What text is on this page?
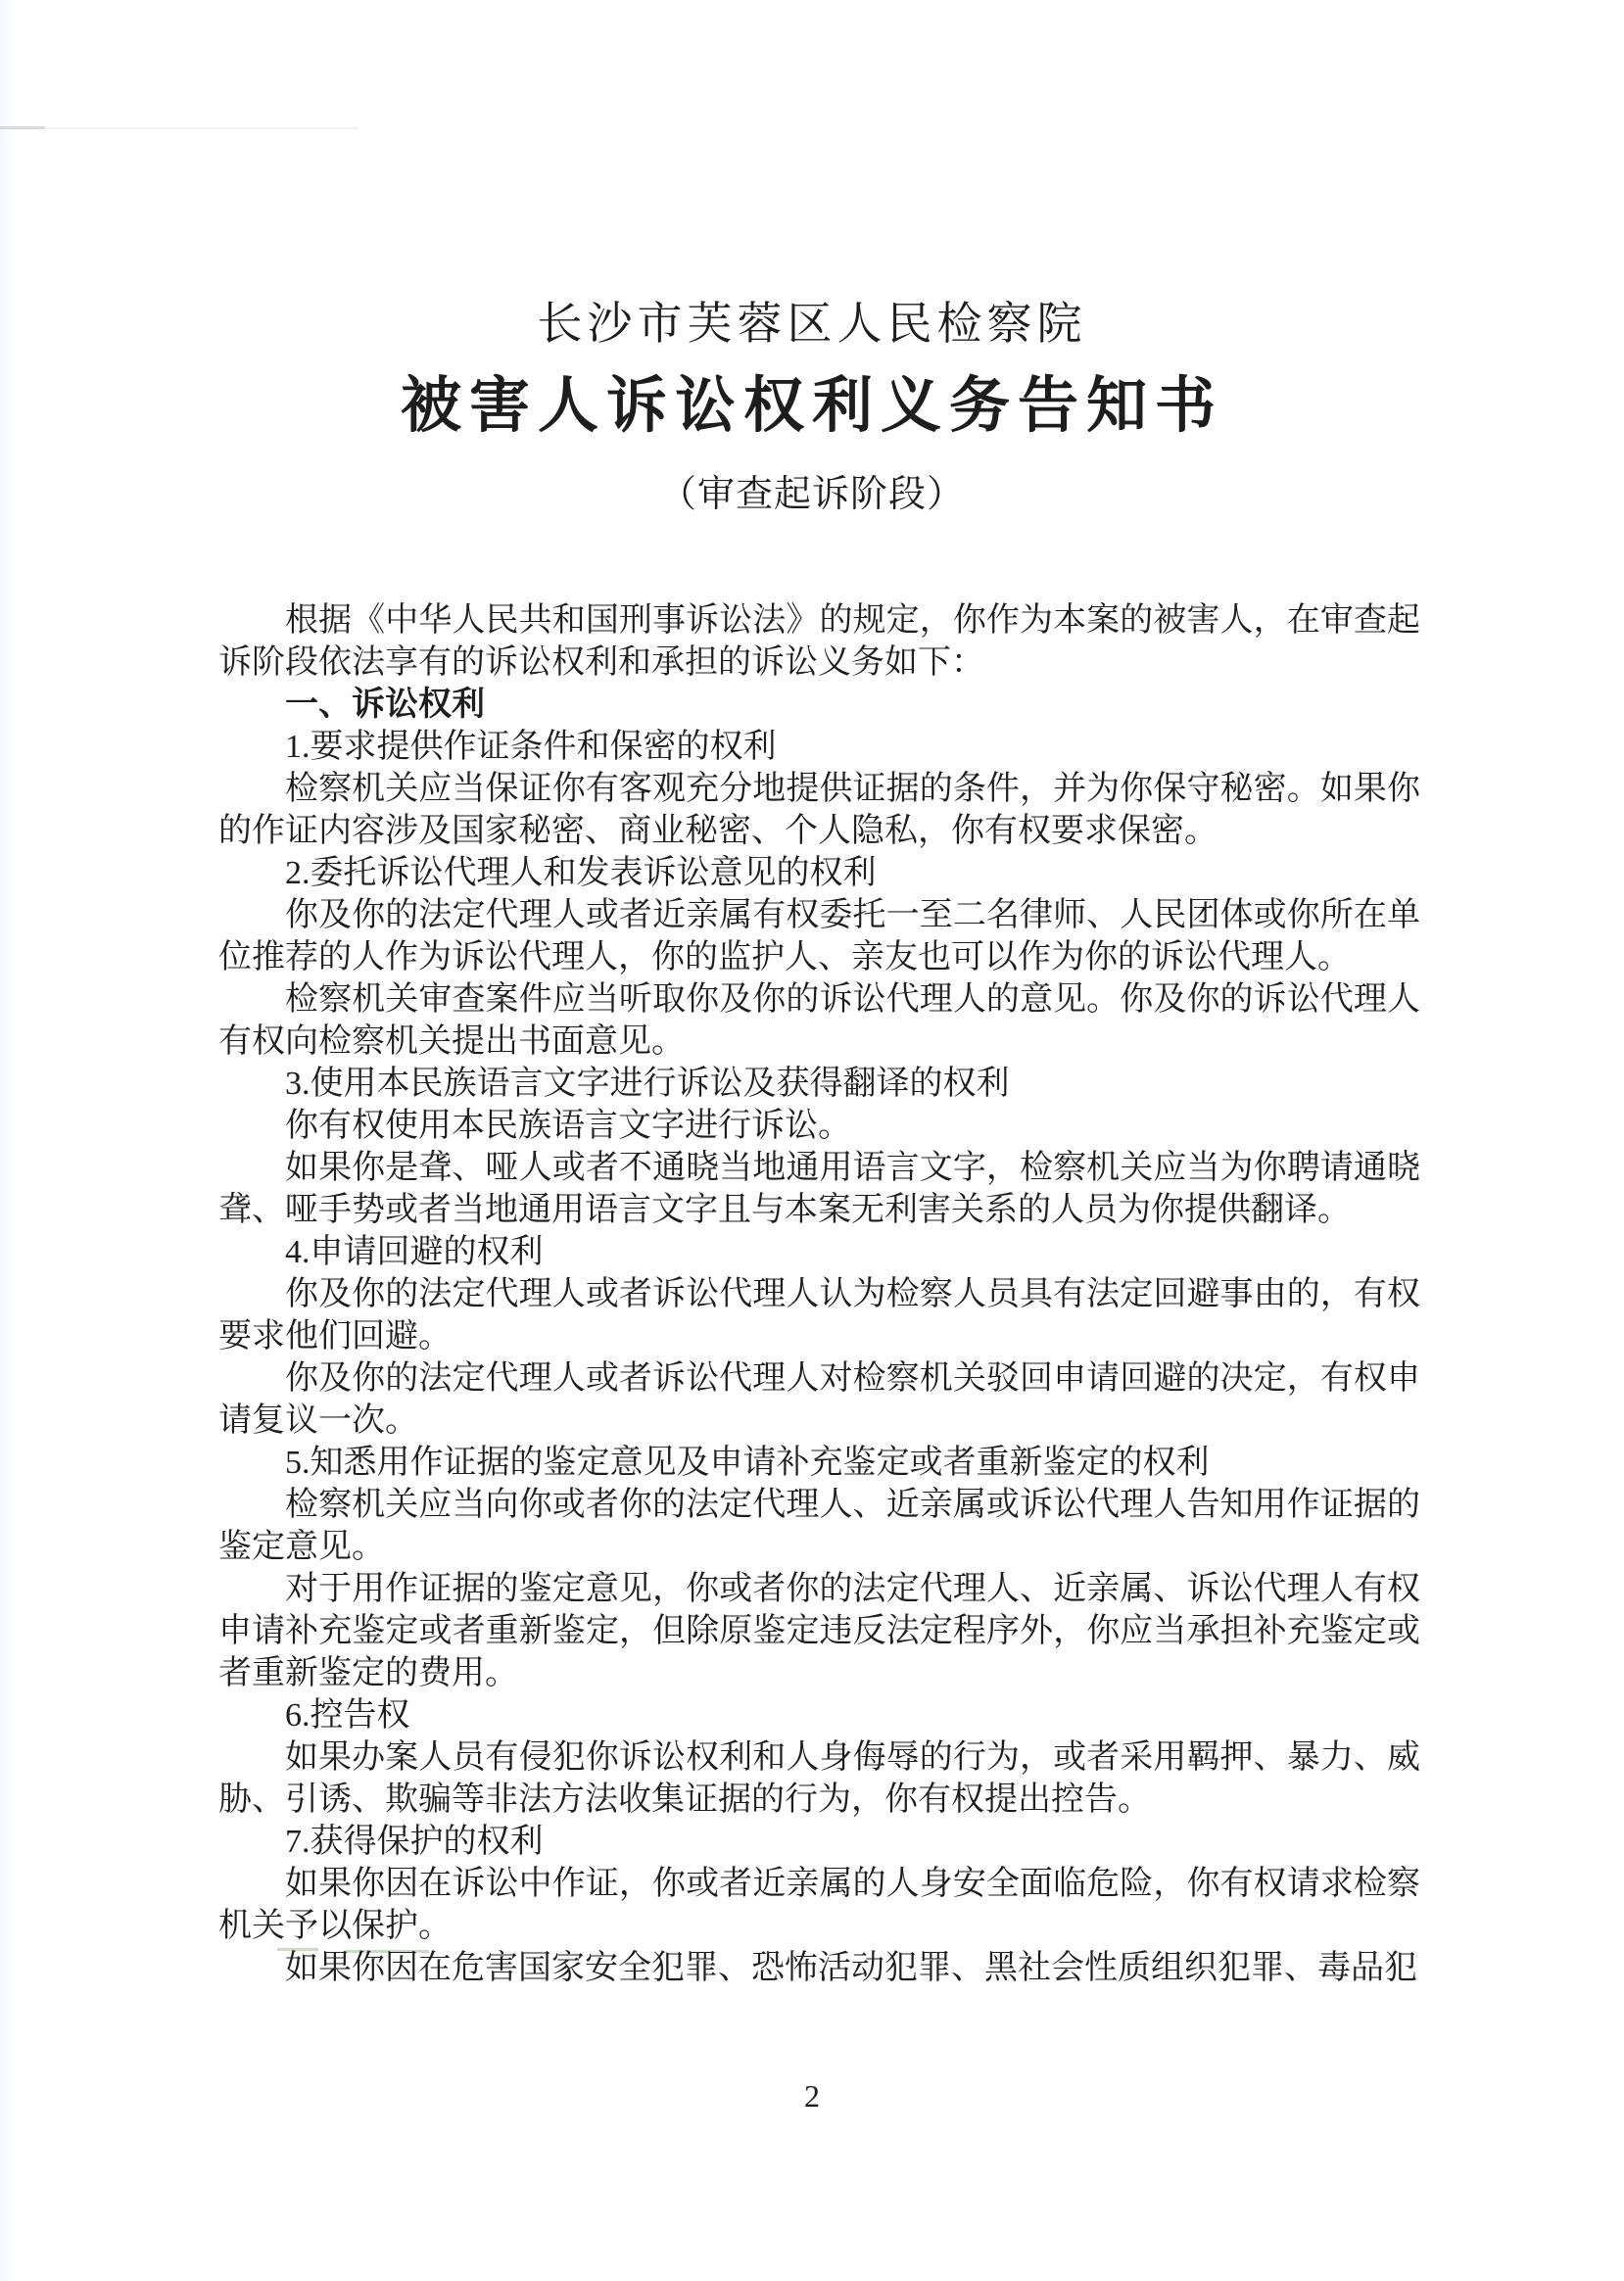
长沙市芙蓉区人民检察院
被害人诉讼权利义务告知书
（审查起诉阶段）

根据《中华人民共和国刑事诉讼法》的规定，你作为本案的被害人，在审查起诉阶段依法享有的诉讼权利和承担的诉讼义务如下：

一、诉讼权利

1.要求提供作证条件和保密的权利

检察机关应当保证你有客观充分地提供证据的条件，并为你保守秘密。如果你的作证内容涉及国家秘密、商业秘密、个人隐私，你有权要求保密。

2.委托诉讼代理人和发表诉讼意见的权利

你及你的法定代理人或者近亲属有权委托一至二名律师、人民团体或你所在单位推荐的人作为诉讼代理人，你的监护人、亲友也可以作为你的诉讼代理人。

检察机关审查案件应当听取你及你的诉讼代理人的意见。你及你的诉讼代理人有权向检察机关提出书面意见。

3.使用本民族语言文字进行诉讼及获得翻译的权利

你有权使用本民族语言文字进行诉讼。

如果你是聋、哑人或者不通晓当地通用语言文字，检察机关应当为你聘请通晓聋、哑手势或者当地通用语言文字且与本案无利害关系的人员为你提供翻译。

4.申请回避的权利

你及你的法定代理人或者诉讼代理人认为检察人员具有法定回避事由的，有权要求他们回避。

你及你的法定代理人或者诉讼代理人对检察机关驳回申请回避的决定，有权申请复议一次。

5.知悉用作证据的鉴定意见及申请补充鉴定或者重新鉴定的权利

检察机关应当向你或者你的法定代理人、近亲属或诉讼代理人告知用作证据的鉴定意见。

对于用作证据的鉴定意见，你或者你的法定代理人、近亲属、诉讼代理人有权申请补充鉴定或者重新鉴定，但除原鉴定违反法定程序外，你应当承担补充鉴定或者重新鉴定的费用。

6.控告权

如果办案人员有侵犯你诉讼权利和人身侮辱的行为，或者采用羁押、暴力、威胁、引诱、欺骗等非法方法收集证据的行为，你有权提出控告。

7.获得保护的权利

如果你因在诉讼中作证，你或者近亲属的人身安全面临危险，你有权请求检察机关予以保护。

如果你因在危害国家安全犯罪、恐怖活动犯罪、黑社会性质组织犯罪、毒品犯

2
